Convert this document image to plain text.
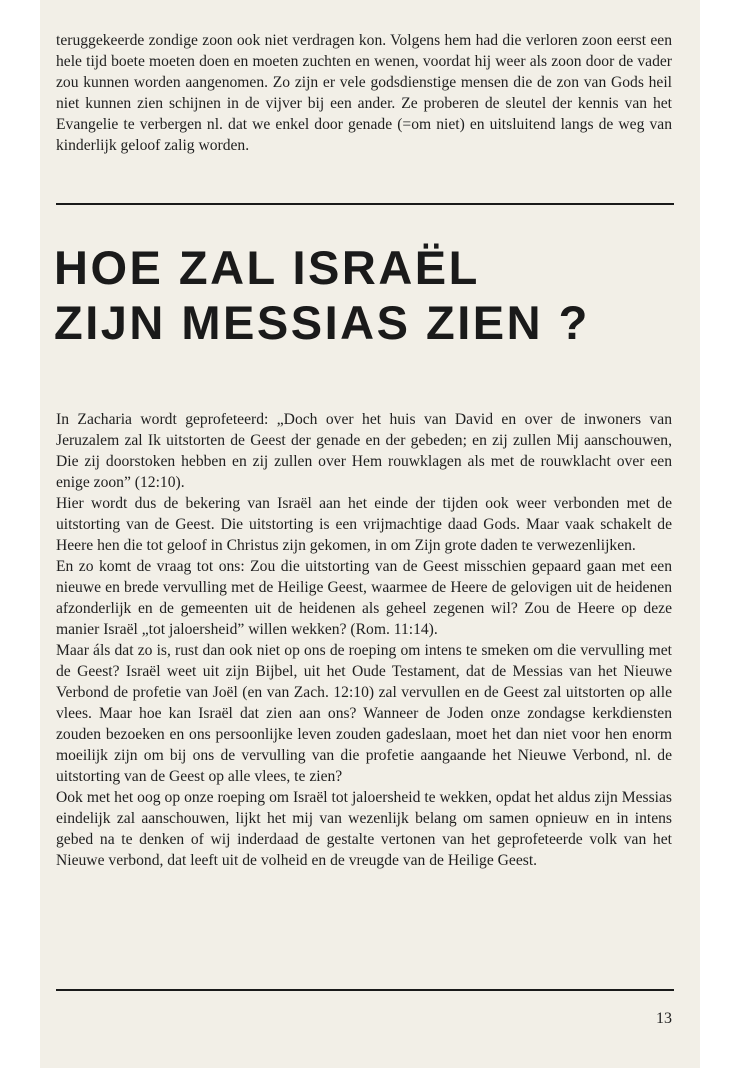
teruggekeerde zondige zoon ook niet verdragen kon. Volgens hem had die verloren zoon eerst een hele tijd boete moeten doen en moeten zuchten en wenen, voordat hij weer als zoon door de vader zou kunnen worden aangenomen. Zo zijn er vele godsdienstige mensen die de zon van Gods heil niet kunnen zien schijnen in de vijver bij een ander. Ze proberen de sleutel der kennis van het Evangelie te verbergen nl. dat we enkel door genade (=om niet) en uitsluitend langs de weg van kinderlijk geloof zalig worden.

HOE ZAL ISRAËL
ZIJN MESSIAS ZIEN ?

In Zacharia wordt geprofeteerd: „Doch over het huis van David en over de inwoners van Jeruzalem zal Ik uitstorten de Geest der genade en der gebeden; en zij zullen Mij aanschouwen, Die zij doorstoken hebben en zij zullen over Hem rouwklagen als met de rouwklacht over een enige zoon” (12:10).

Hier wordt dus de bekering van Israël aan het einde der tijden ook weer verbonden met de uitstorting van de Geest. Die uitstorting is een vrijmachtige daad Gods. Maar vaak schakelt de Heere hen die tot geloof in Christus zijn gekomen, in om Zijn grote daden te verwezenlijken.

En zo komt de vraag tot ons: Zou die uitstorting van de Geest misschien gepaard gaan met een nieuwe en brede vervulling met de Heilige Geest, waarmee de Heere de gelovigen uit de heidenen afzonderlijk en de gemeenten uit de heidenen als geheel zegenen wil? Zou de Heere op deze manier Israël „tot jaloersheid” willen wekken? (Rom. 11:14).

Maar áls dat zo is, rust dan ook niet op ons de roeping om intens te smeken om die vervulling met de Geest? Israël weet uit zijn Bijbel, uit het Oude Testament, dat de Messias van het Nieuwe Verbond de profetie van Joël (en van Zach. 12:10) zal vervullen en de Geest zal uitstorten op alle vlees. Maar hoe kan Israël dat zien aan ons? Wanneer de Joden onze zondagse kerkdiensten zouden bezoeken en ons persoonlijke leven zouden gadeslaan, moet het dan niet voor hen enorm moeilijk zijn om bij ons de vervulling van die profetie aangaande het Nieuwe Verbond, nl. de uitstorting van de Geest op alle vlees, te zien?

Ook met het oog op onze roeping om Israël tot jaloersheid te wekken, opdat het aldus zijn Messias eindelijk zal aanschouwen, lijkt het mij van wezenlijk belang om samen opnieuw en in intens gebed na te denken of wij inderdaad de gestalte vertonen van het geprofeteerde volk van het Nieuwe verbond, dat leeft uit de volheid en de vreugde van de Heilige Geest.

13
